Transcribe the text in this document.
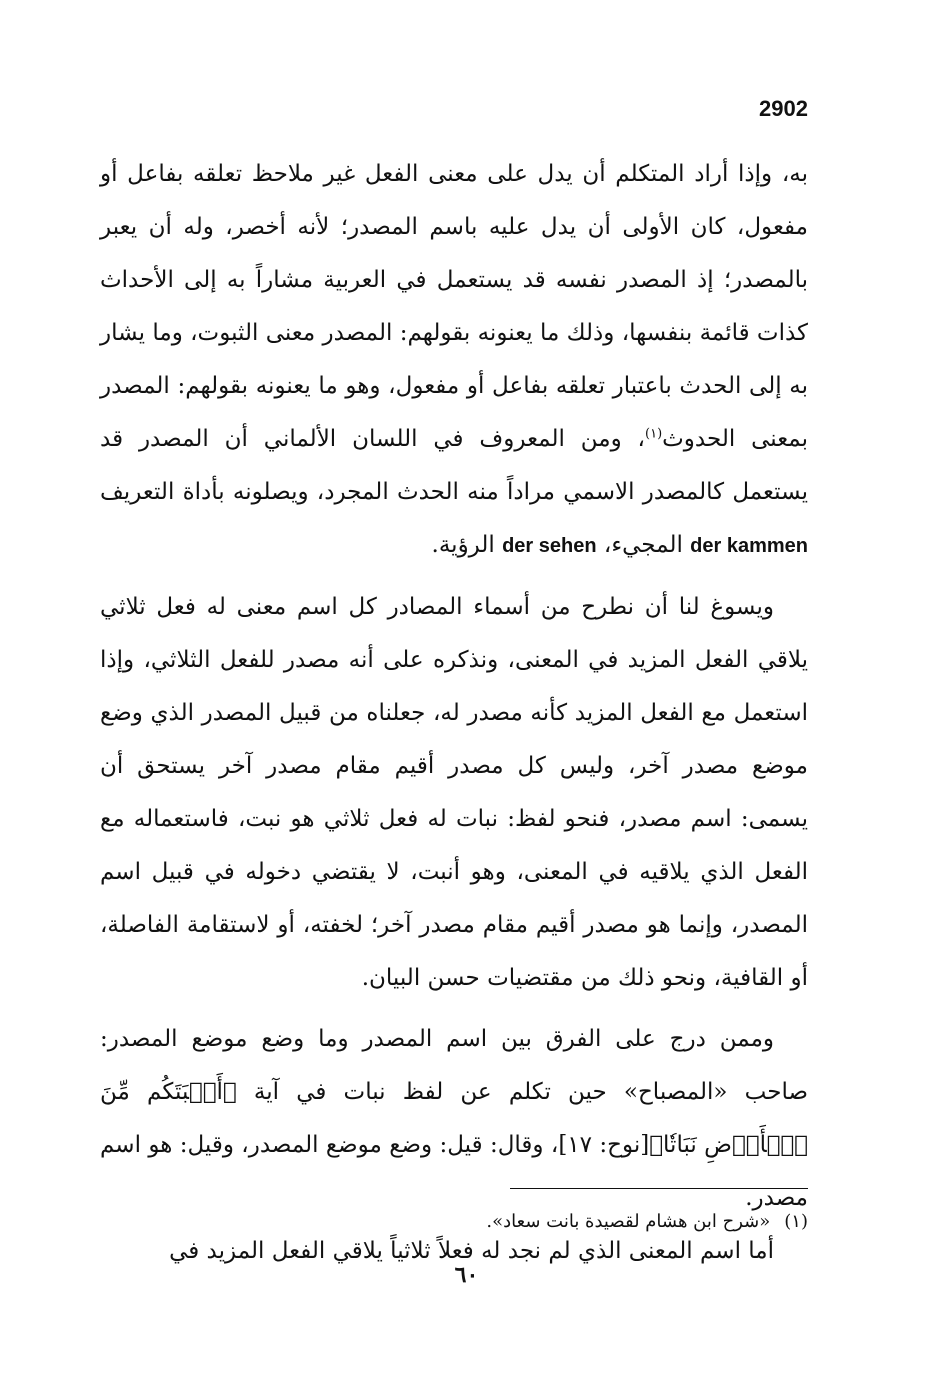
2902

به، وإذا أراد المتكلم أن يدل على معنى الفعل غير ملاحظ تعلقه بفاعل أو مفعول، كان الأولى أن يدل عليه باسم المصدر؛ لأنه أخصر، وله أن يعبر بالمصدر؛ إذ المصدر نفسه قد يستعمل في العربية مشاراً به إلى الأحداث كذات قائمة بنفسها، وذلك ما يعنونه بقولهم: المصدر معنى الثبوت، وما يشار به إلى الحدث باعتبار تعلقه بفاعل أو مفعول، وهو ما يعنونه بقولهم: المصدر بمعنى الحدوث$^{(١)}$، ومن المعروف في اللسان الألماني أن المصدر قد يستعمل كالمصدر الاسمي مراداً منه الحدث المجرد، ويصلونه بأداة التعريف der kammen المجيء، der sehen الرؤية.

ويسوغ لنا أن نطرح من أسماء المصادر كل اسم معنى له فعل ثلاثي يلاقي الفعل المزيد في المعنى، ونذكره على أنه مصدر للفعل الثلاثي، وإذا استعمل مع الفعل المزيد كأنه مصدر له، جعلناه من قبيل المصدر الذي وضع موضع مصدر آخر، وليس كل مصدر أقيم مقام مصدر آخر يستحق أن يسمى: اسم مصدر، فنحو لفظ: نبات له فعل ثلاثي هو نبت، فاستعماله مع الفعل الذي يلاقيه في المعنى، وهو أنبت، لا يقتضي دخوله في قبيل اسم المصدر، وإنما هو مصدر أقيم مقام مصدر آخر؛ لخفته، أو لاستقامة الفاصلة، أو القافية، ونحو ذلك من مقتضيات حسن البيان.

وممن درج على الفرق بين اسم المصدر وما وضع موضع المصدر: صاحب «المصباح» حين تكلم عن لفظ نبات في آية ﴿أَنۢبَتَكُم مِّنَ ٱلۡأَرۡضِ نَبَاتٗا﴾[نوح: ١٧]، وقال: قيل: وضع موضع المصدر، وقيل: هو اسم مصدر.

أما اسم المعنى الذي لم نجد له فعلاً ثلاثياً يلاقي الفعل المزيد في

(١)«شرح ابن هشام لقصيدة بانت سعاد».
٦٠
